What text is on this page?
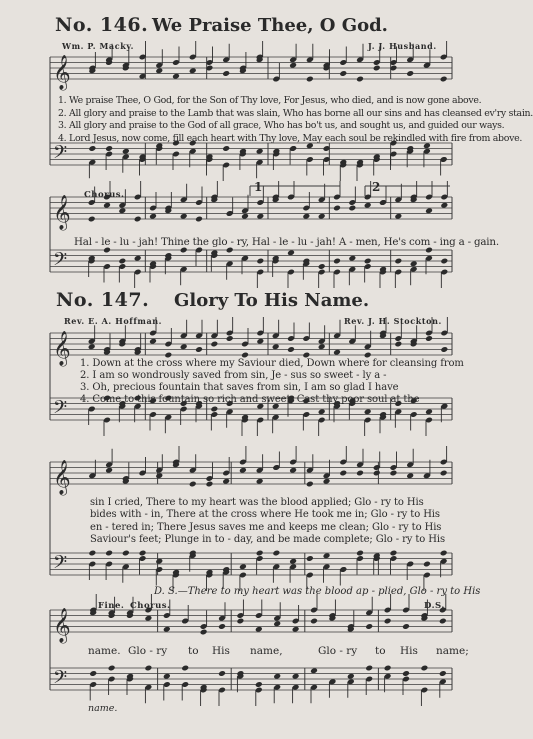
𝄞
𝄢
𝄞
𝄢
𝄞
𝄢
𝄞
𝄢
𝄞
𝄢
No. 146. We Praise Thee, O God.
Wm. P. Macky.	J. J. Husband.
1. We praise Thee, O God, for the Son of Thy love, For Jesus, who died, and is now gone above.
2. All glory and praise to the Lamb that was slain, Who has borne all our sins and has cleansed ev'ry stain.
3. All glory and praise to the God of all grace, Who has bo't us, and sought us, and guided our ways.
4. Lord Jesus, now come, fill each heart with Thy love, May each soul be rekindled with fire from above.
Chorus.
1	2
Hal - le - lu - jah! Thine the glo - ry, Hal - le - lu - jah! A - men, He's com - ing a - gain.
No. 147. Glory To His Name.
Rev. E. A. Hoffman.	Rev. J. H. Stockton.
1. Down at the cross where my Saviour died, Down where for cleansing from
2. I am so wondrously saved from sin, Je - sus so sweet - ly a -
3. Oh, precious fountain that saves from sin, I am so glad I have
4. Come to this fountain so rich and sweet; Cast thy poor soul at the
sin I cried, There to my heart was the blood applied; Glo - ry to His
bides with - in, There at the cross where He took me in; Glo - ry to His
en - tered in; There Jesus saves me and keeps me clean; Glo - ry to His
Saviour's feet; Plunge in to - day, and be made complete; Glo - ry to His
D. S.—There to my heart was the blood ap - plied, Glo - ry to His
Fine. Chorus.	D.S.
name. Glo - ry to His name,	Glo - ry to His name;
name.
